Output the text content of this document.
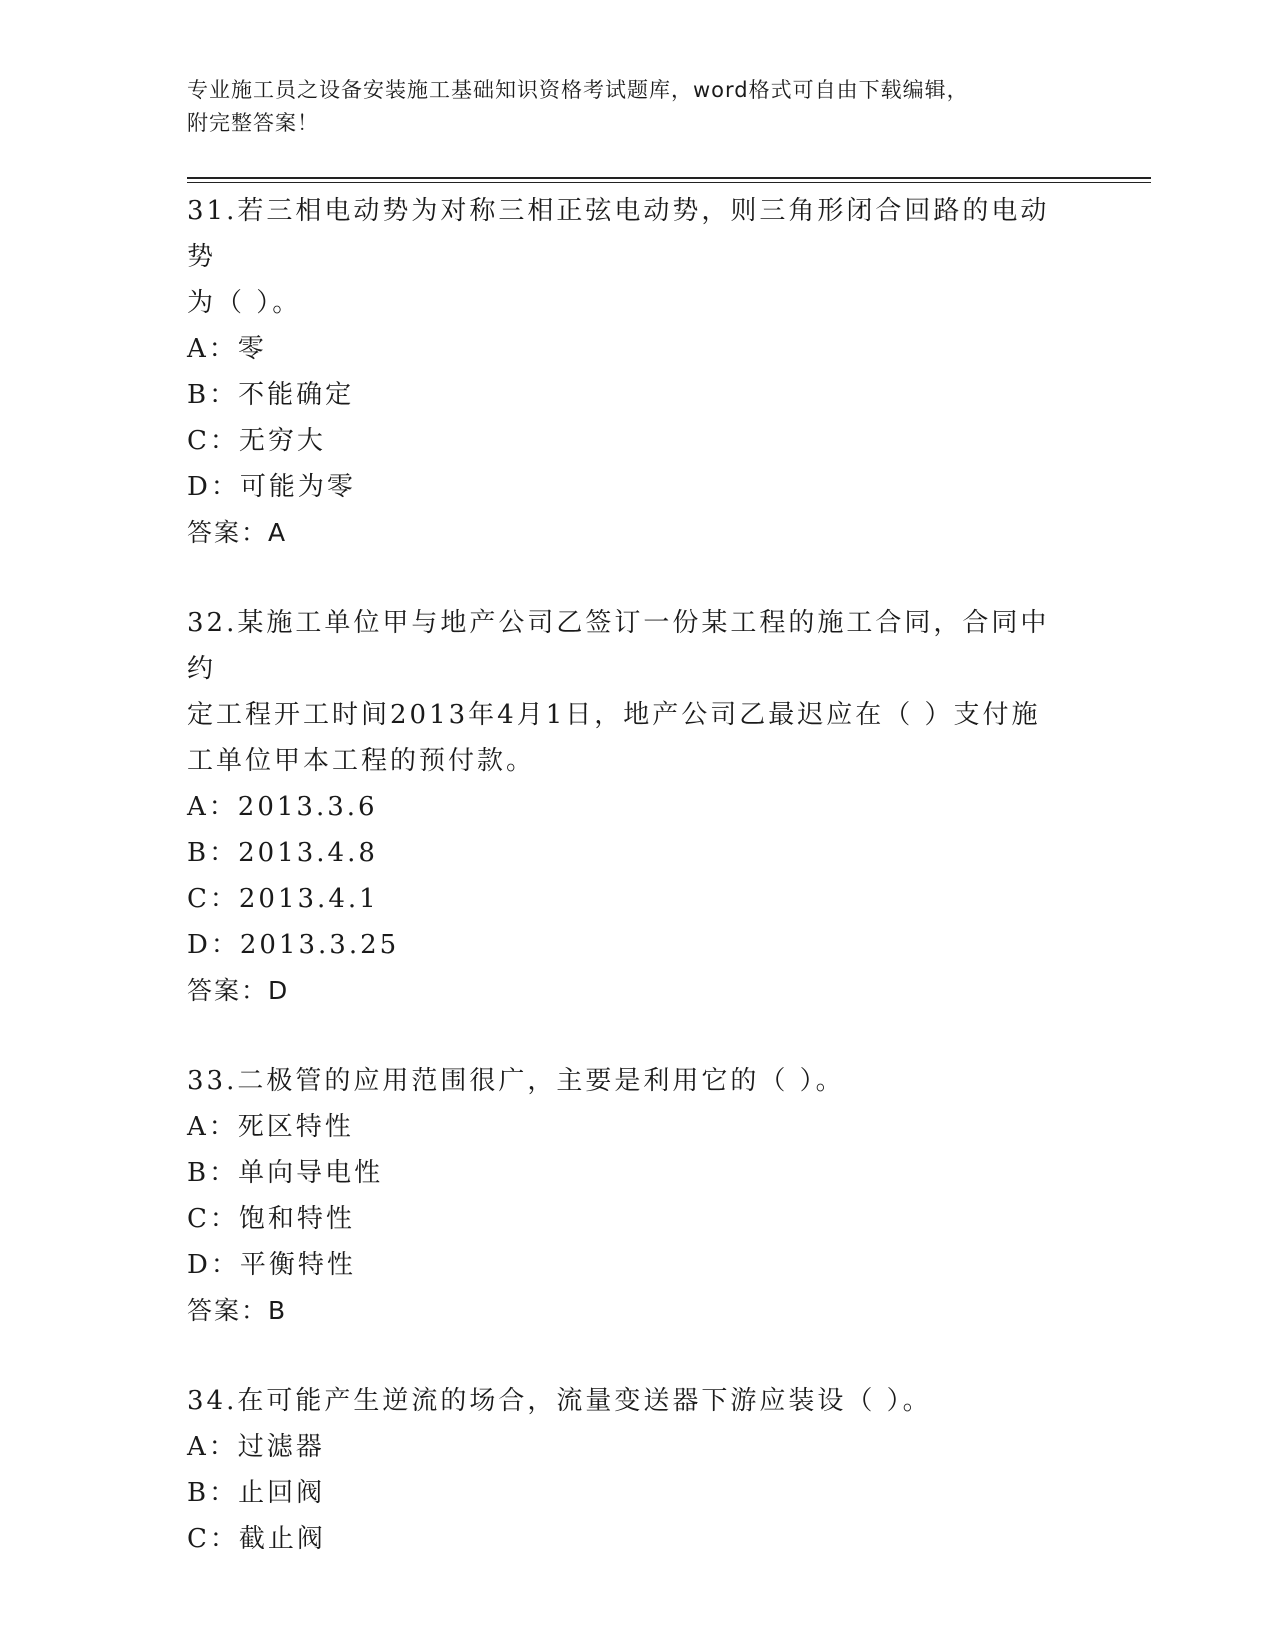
专业施工员之设备安装施工基础知识资格考试题库，word格式可自由下载编辑，
附完整答案！

31.若三相电动势为对称三相正弦电动势，则三角形闭合回路的电动势

为（ ）。

A：零

B：不能确定

C：无穷大

D：可能为零

答案：A

32.某施工单位甲与地产公司乙签订一份某工程的施工合同，合同中约

定工程开工时间2013年4月1日，地产公司乙最迟应在（ ）支付施

工单位甲本工程的预付款。

A：2013.3.6

B：2013.4.8

C：2013.4.1

D：2013.3.25

答案：D

33.二极管的应用范围很广，主要是利用它的（ ）。

A：死区特性

B：单向导电性

C：饱和特性

D：平衡特性

答案：B

34.在可能产生逆流的场合，流量变送器下游应装设（ ）。

A：过滤器

B：止回阀

C：截止阀
